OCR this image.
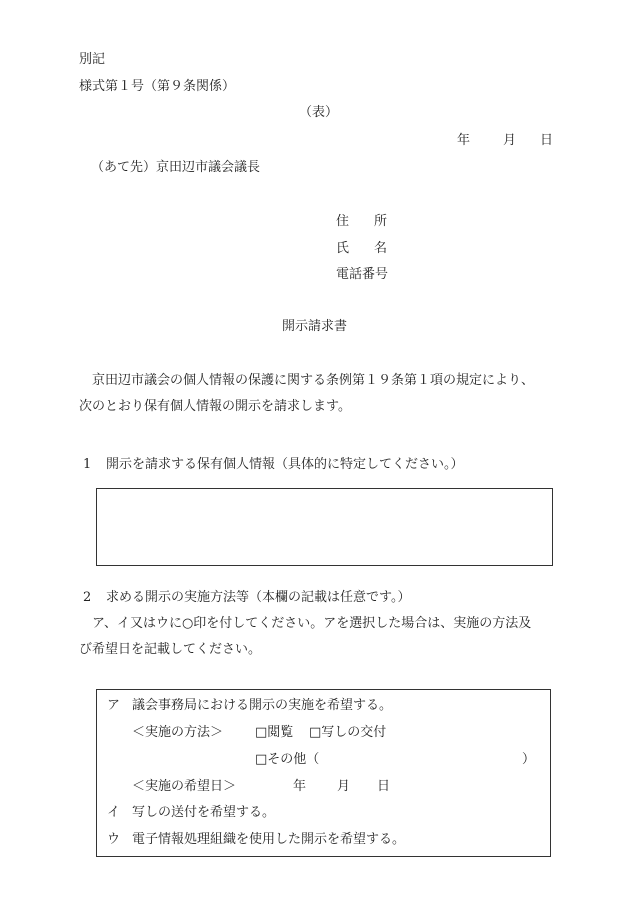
別記
様式第１号（第９条関係）
（表）
年	月 日
（あて先）京田辺市議会議長
住 所
氏 名
電話番号
開示請求書
京田辺市議会の個人情報の保護に関する条例第１９条第１項の規定により、
次のとおり保有個人情報の開示を請求します。
1 開示を請求する保有個人情報（具体的に特定してください。）
2 求める開示の実施方法等（本欄の記載は任意です。）
ア、イ又はウに○印を付してください。アを選択した場合は、実施の方法及
び希望日を記載してください。
ア 議会事務局における開示の実施を希望する。
＜実施の方法＞ □閲覧 □写しの交付
□その他（	）
＜実施の希望日＞	年 月 日
イ 写しの送付を希望する。
ウ 電子情報処理組織を使用した開示を希望する。
